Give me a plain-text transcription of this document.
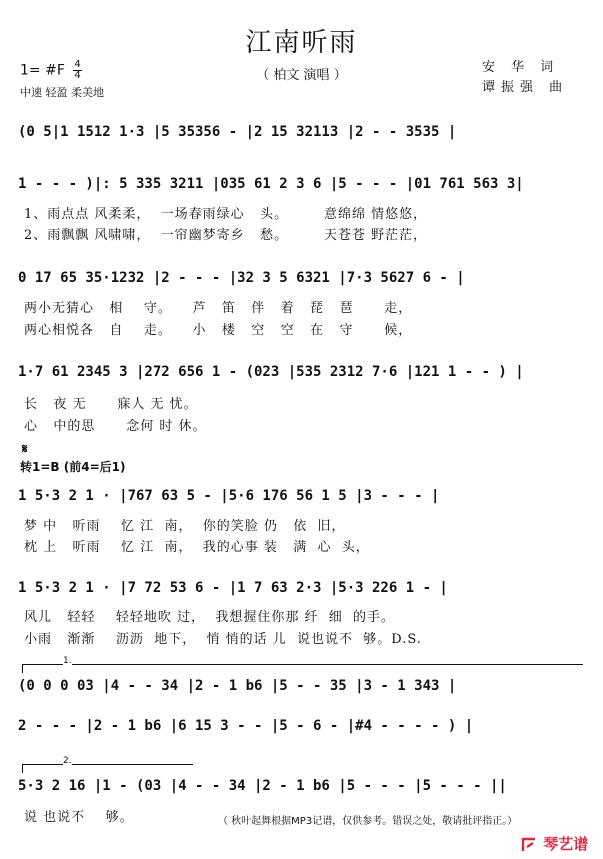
江南听雨
（ 柏文 演唱 ）
1= #F $\frac{4}{4}$
中速 轻盈 柔美地
安 华 词
谭振强 曲
(0 5|1 1512 1·3 |5 35356 - |2 15 32113 |2 - - 3535 |
1 - - - )|: 5 335 3211 |035 61 2 3 6 |5 - - - |01 761 563 3|
1、雨点点 风柔柔，  一场春雨绿心   头。       意绵绵 情悠悠，
2、雨飘飘 风啸啸，  一帘幽梦寄乡   愁。       天苍苍 野茫茫，
0 17 65 35·1232 |2 - - - |32 3 5 6321 |7·3 5627 6 - |
两小无猜心   相    守。    芦   笛   伴   着   琵   琶      走，
两心相悦各   自    走。    小   楼   空   空   在   守      候，
1·7 61 2345 3 |272 656 1 - (023 |535 2312 7·6 |121 1 - - ) |
长   夜 无      寐人 无 忧。
心   中的思      念何 时 休。
𝄋
转1=B (前4=后1)
1 5·3 2 1 · |767 63 5 - |5·6 176 56 1 5 |3 - - - |
梦 中   听雨    忆 江  南，  你的笑脸 仍   依  旧，
枕 上   听雨    忆 江  南，  我的心事 装   满  心  头，
1 5·3 2 1 · |7 72 53 6 - |1 7 63 2·3 |5·3 226 1 - |
风儿   轻轻    轻轻地吹 过，  我想握住你那 纤  细  的手。
小雨   渐渐    沥沥  地下，  悄 悄的话 儿  说也说不  够。D.S.
1.
(0 0 0 03 |4 - - 34 |2 - 1 b6 |5 - - 35 |3 - 1 343 |
2 - - - |2 - 1 b6 |6 15 3 - - |5 - 6 - |#4 - - - - ) |
2.
5·3 2 16 |1 - (03 |4 - - 34 |2 - 1 b6 |5 - - - |5 - - - ||
说 也说不    够。	（ 秋叶起舞根据MP3记谱，仅供参考。错误之处，敬请批评指正。）
琴艺谱
